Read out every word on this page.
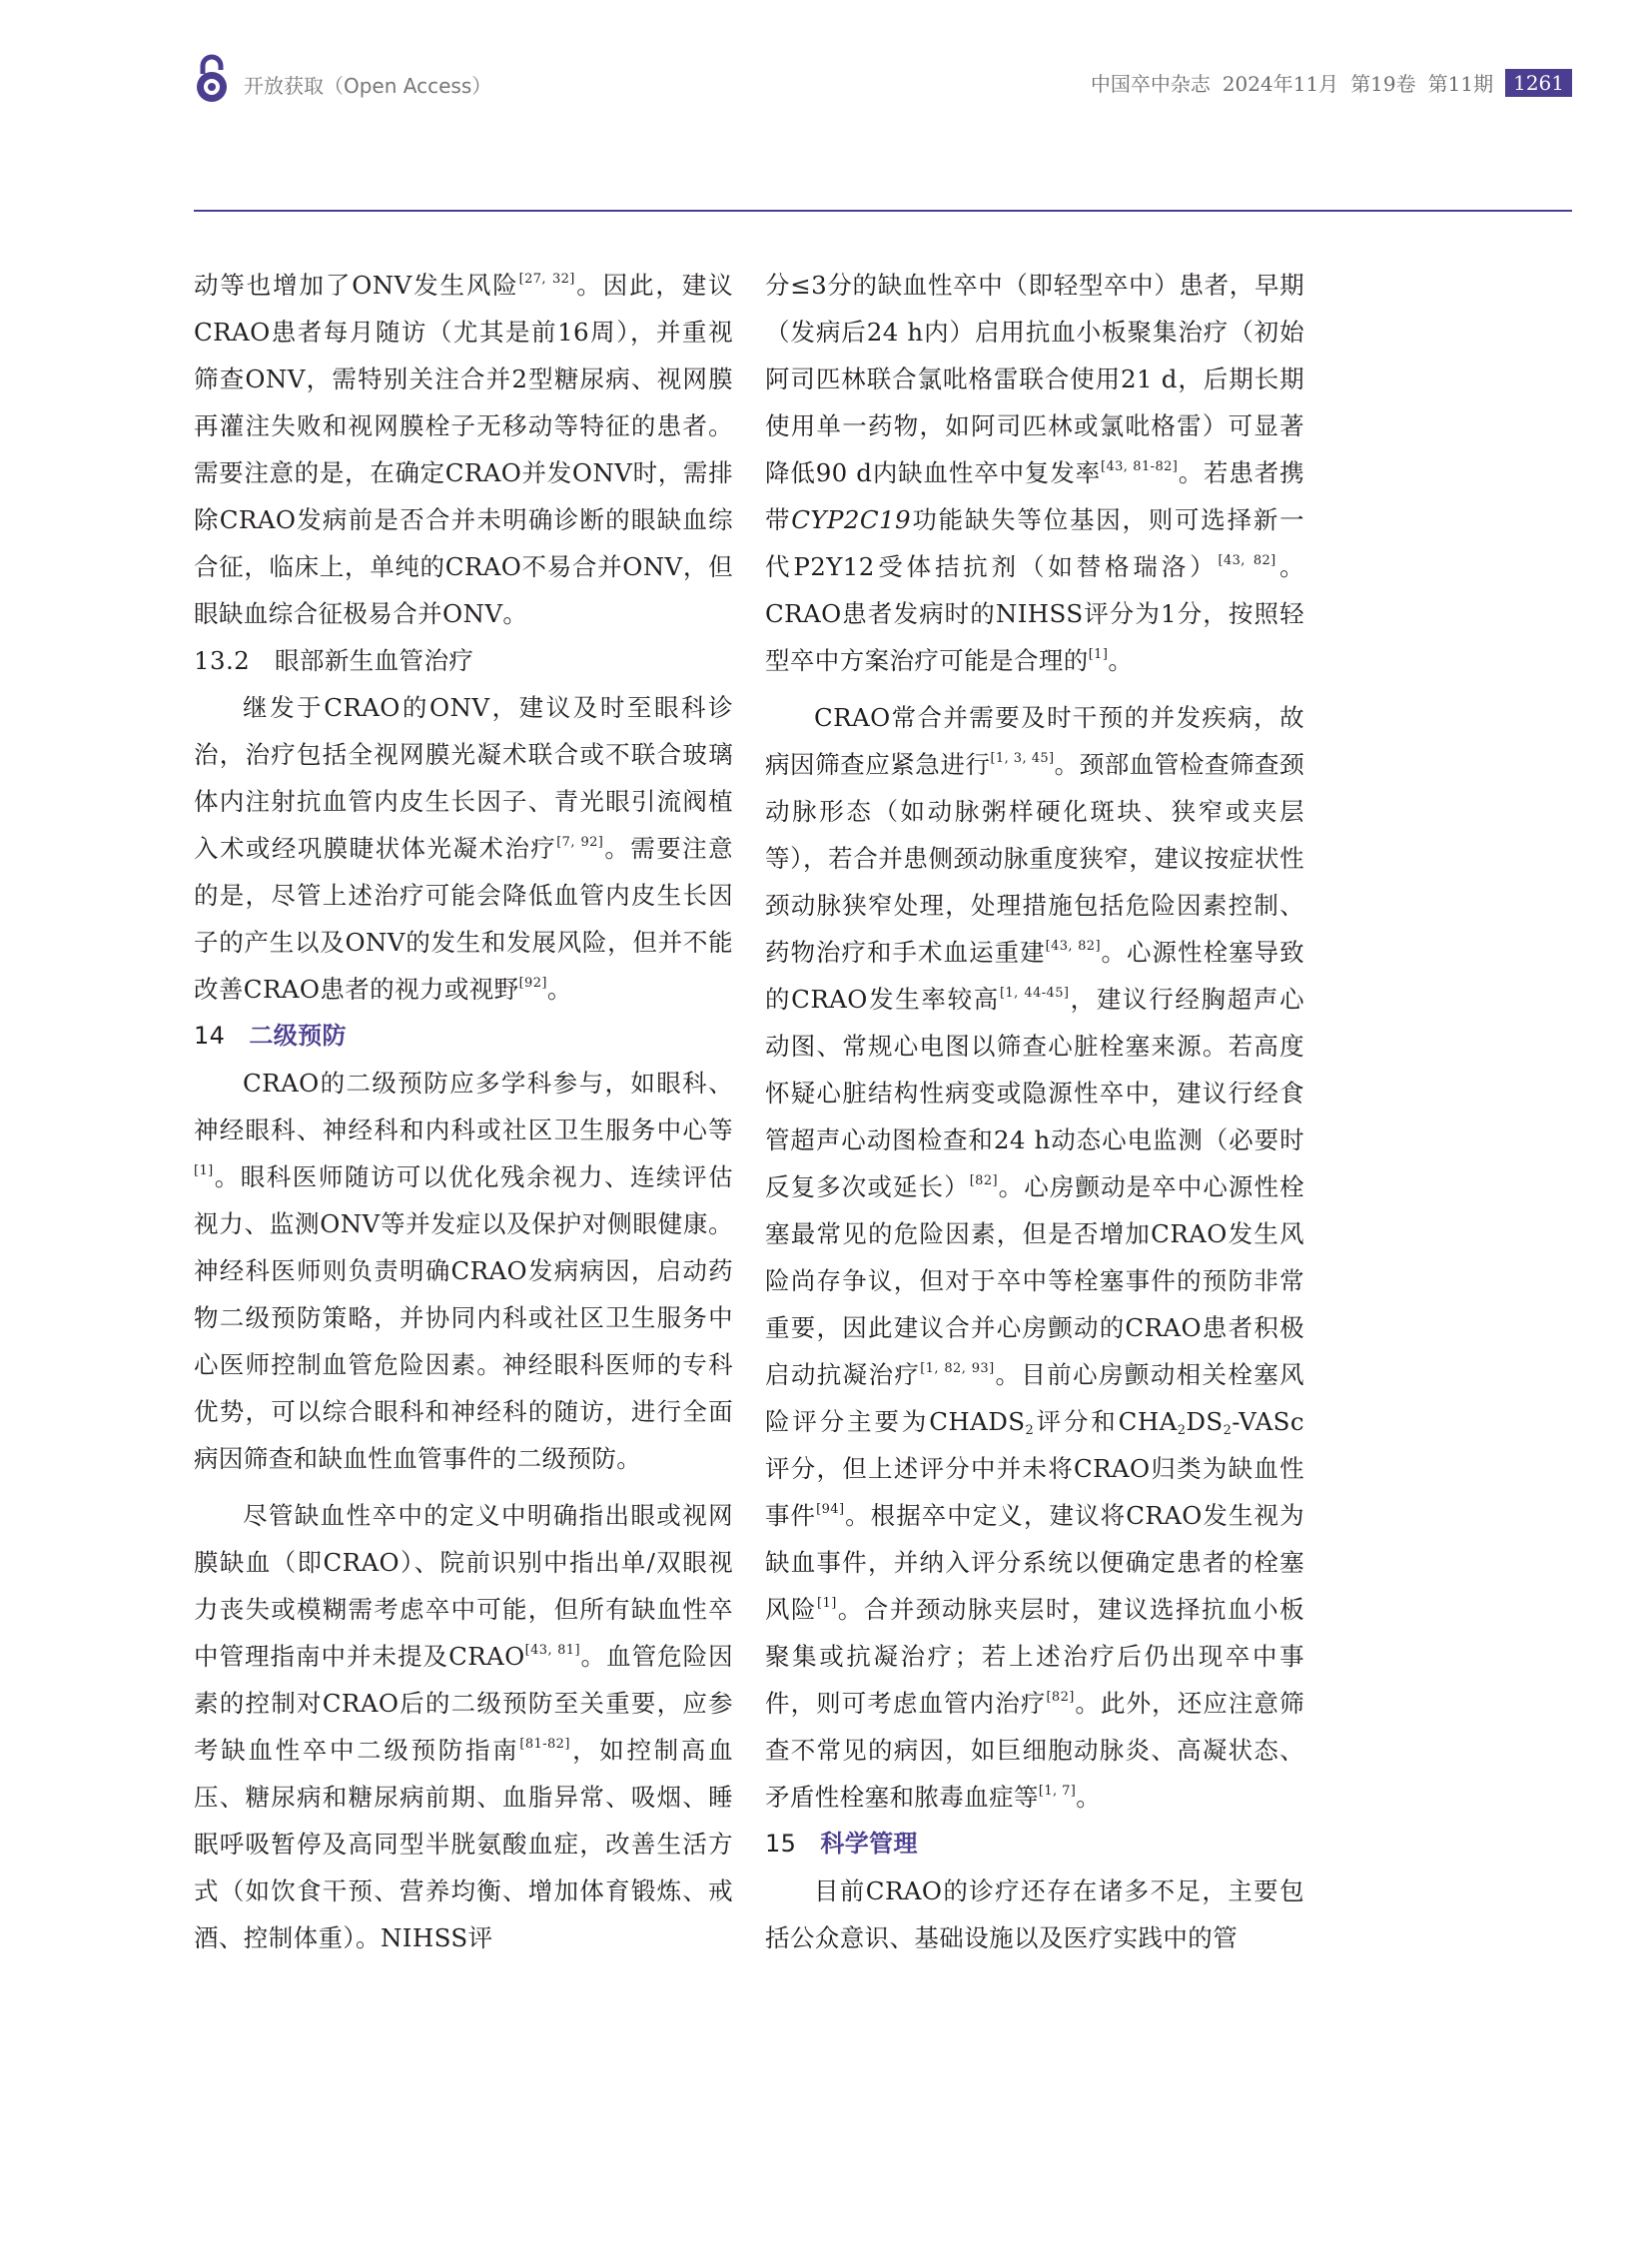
开放获取（Open Access）	中国卒中杂志 2024年11月 第19卷 第11期	1261

动等也增加了ONV发生风险[27, 32]。因此，建议CRAO患者每月随访（尤其是前16周），并重视筛查ONV，需特别关注合并2型糖尿病、视网膜再灌注失败和视网膜栓子无移动等特征的患者。需要注意的是，在确定CRAO并发ONV时，需排除CRAO发病前是否合并未明确诊断的眼缺血综合征，临床上，单纯的CRAO不易合并ONV，但眼缺血综合征极易合并ONV。

13.2　眼部新生血管治疗

继发于CRAO的ONV，建议及时至眼科诊治，治疗包括全视网膜光凝术联合或不联合玻璃体内注射抗血管内皮生长因子、青光眼引流阀植入术或经巩膜睫状体光凝术治疗[7, 92]。需要注意的是，尽管上述治疗可能会降低血管内皮生长因子的产生以及ONV的发生和发展风险，但并不能改善CRAO患者的视力或视野[92]。

14 二级预防

CRAO的二级预防应多学科参与，如眼科、神经眼科、神经科和内科或社区卫生服务中心等[1]。眼科医师随访可以优化残余视力、连续评估视力、监测ONV等并发症以及保护对侧眼健康。神经科医师则负责明确CRAO发病病因，启动药物二级预防策略，并协同内科或社区卫生服务中心医师控制血管危险因素。神经眼科医师的专科优势，可以综合眼科和神经科的随访，进行全面病因筛查和缺血性血管事件的二级预防。

尽管缺血性卒中的定义中明确指出眼或视网膜缺血（即CRAO）、院前识别中指出单/双眼视力丧失或模糊需考虑卒中可能，但所有缺血性卒中管理指南中并未提及CRAO[43, 81]。血管危险因素的控制对CRAO后的二级预防至关重要，应参考缺血性卒中二级预防指南[81-82]，如控制高血压、糖尿病和糖尿病前期、血脂异常、吸烟、睡眠呼吸暂停及高同型半胱氨酸血症，改善生活方式（如饮食干预、营养均衡、增加体育锻炼、戒酒、控制体重）。NIHSS评

分≤3分的缺血性卒中（即轻型卒中）患者，早期（发病后24 h内）启用抗血小板聚集治疗（初始阿司匹林联合氯吡格雷联合使用21 d，后期长期使用单一药物，如阿司匹林或氯吡格雷）可显著降低90 d内缺血性卒中复发率[43, 81-82]。若患者携带CYP2C19功能缺失等位基因，则可选择新一代P2Y12受体拮抗剂（如替格瑞洛）[43, 82]。CRAO患者发病时的NIHSS评分为1分，按照轻型卒中方案治疗可能是合理的[1]。

CRAO常合并需要及时干预的并发疾病，故病因筛查应紧急进行[1, 3, 45]。颈部血管检查筛查颈动脉形态（如动脉粥样硬化斑块、狭窄或夹层等），若合并患侧颈动脉重度狭窄，建议按症状性颈动脉狭窄处理，处理措施包括危险因素控制、药物治疗和手术血运重建[43, 82]。心源性栓塞导致的CRAO发生率较高[1, 44-45]，建议行经胸超声心动图、常规心电图以筛查心脏栓塞来源。若高度怀疑心脏结构性病变或隐源性卒中，建议行经食管超声心动图检查和24 h动态心电监测（必要时反复多次或延长）[82]。心房颤动是卒中心源性栓塞最常见的危险因素，但是否增加CRAO发生风险尚存争议，但对于卒中等栓塞事件的预防非常重要，因此建议合并心房颤动的CRAO患者积极启动抗凝治疗[1, 82, 93]。目前心房颤动相关栓塞风险评分主要为$CHADS_2$评分和$CHA_2DS_2$-VASc评分，但上述评分中并未将CRAO归类为缺血性事件[94]。根据卒中定义，建议将CRAO发生视为缺血事件，并纳入评分系统以便确定患者的栓塞风险[1]。合并颈动脉夹层时，建议选择抗血小板聚集或抗凝治疗；若上述治疗后仍出现卒中事件，则可考虑血管内治疗[82]。此外，还应注意筛查不常见的病因，如巨细胞动脉炎、高凝状态、矛盾性栓塞和脓毒血症等[1, 7]。

15 科学管理

目前CRAO的诊疗还存在诸多不足，主要包括公众意识、基础设施以及医疗实践中的管
